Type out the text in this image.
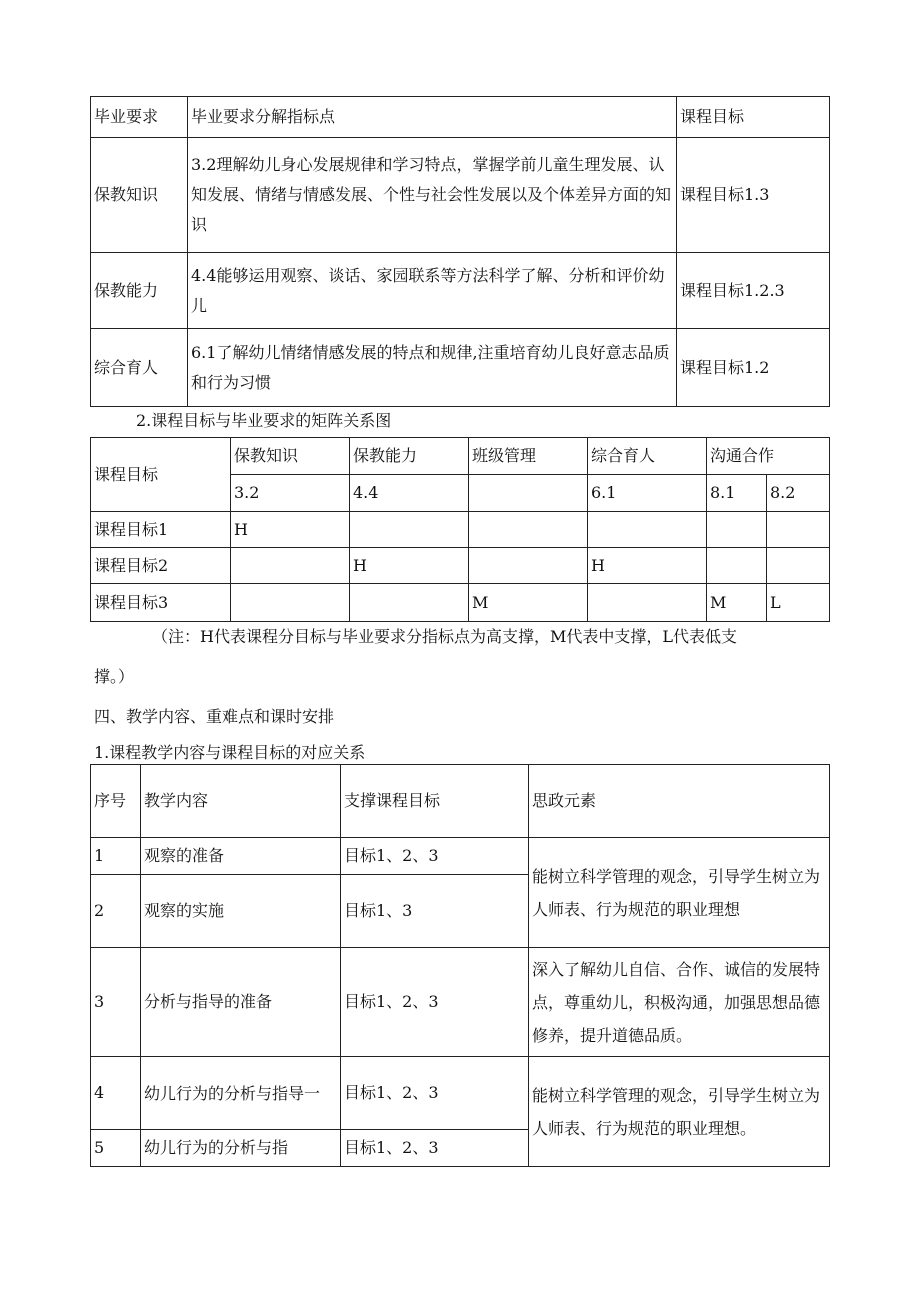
毕业要求	毕业要求分解指标点	课程目标
保教知识	3.2理解幼儿身心发展规律和学习特点，掌握学前儿童生理发展、认知发展、情绪与情感发展、个性与社会性发展以及个体差异方面的知识	课程目标1.3
保教能力	4.4能够运用观察、谈话、家园联系等方法科学了解、分析和评价幼儿	课程目标1.2.3
综合育人	6.1了解幼儿情绪情感发展的特点和规律,注重培育幼儿良好意志品质和行为习惯	课程目标1.2
2.课程目标与毕业要求的矩阵关系图
课程目标	保教知识	保教能力	班级管理	综合育人	沟通合作	
	3.2	4.4		6.1	8.1	8.2
课程目标1	H					
课程目标2		H		H		
课程目标3			M		M	L
（注：H代表课程分目标与毕业要求分指标点为高支撑，M代表中支撑，L代表低支
撑。）
四、教学内容、重难点和课时安排
1.课程教学内容与课程目标的对应关系
序号	教学内容	支撑课程目标	思政元素
1	观察的准备	目标1、2、3	能树立科学管理的观念，引导学生树立为人师表、行为规范的职业理想
2	观察的实施	目标1、3	
3	分析与指导的准备	目标1、2、3	深入了解幼儿自信、合作、诚信的发展特点，尊重幼儿，积极沟通，加强思想品德修养，提升道德品质。
4	幼儿行为的分析与指导一	目标1、2、3	能树立科学管理的观念，引导学生树立为人师表、行为规范的职业理想。
5	幼儿行为的分析与指	目标1、2、3	
